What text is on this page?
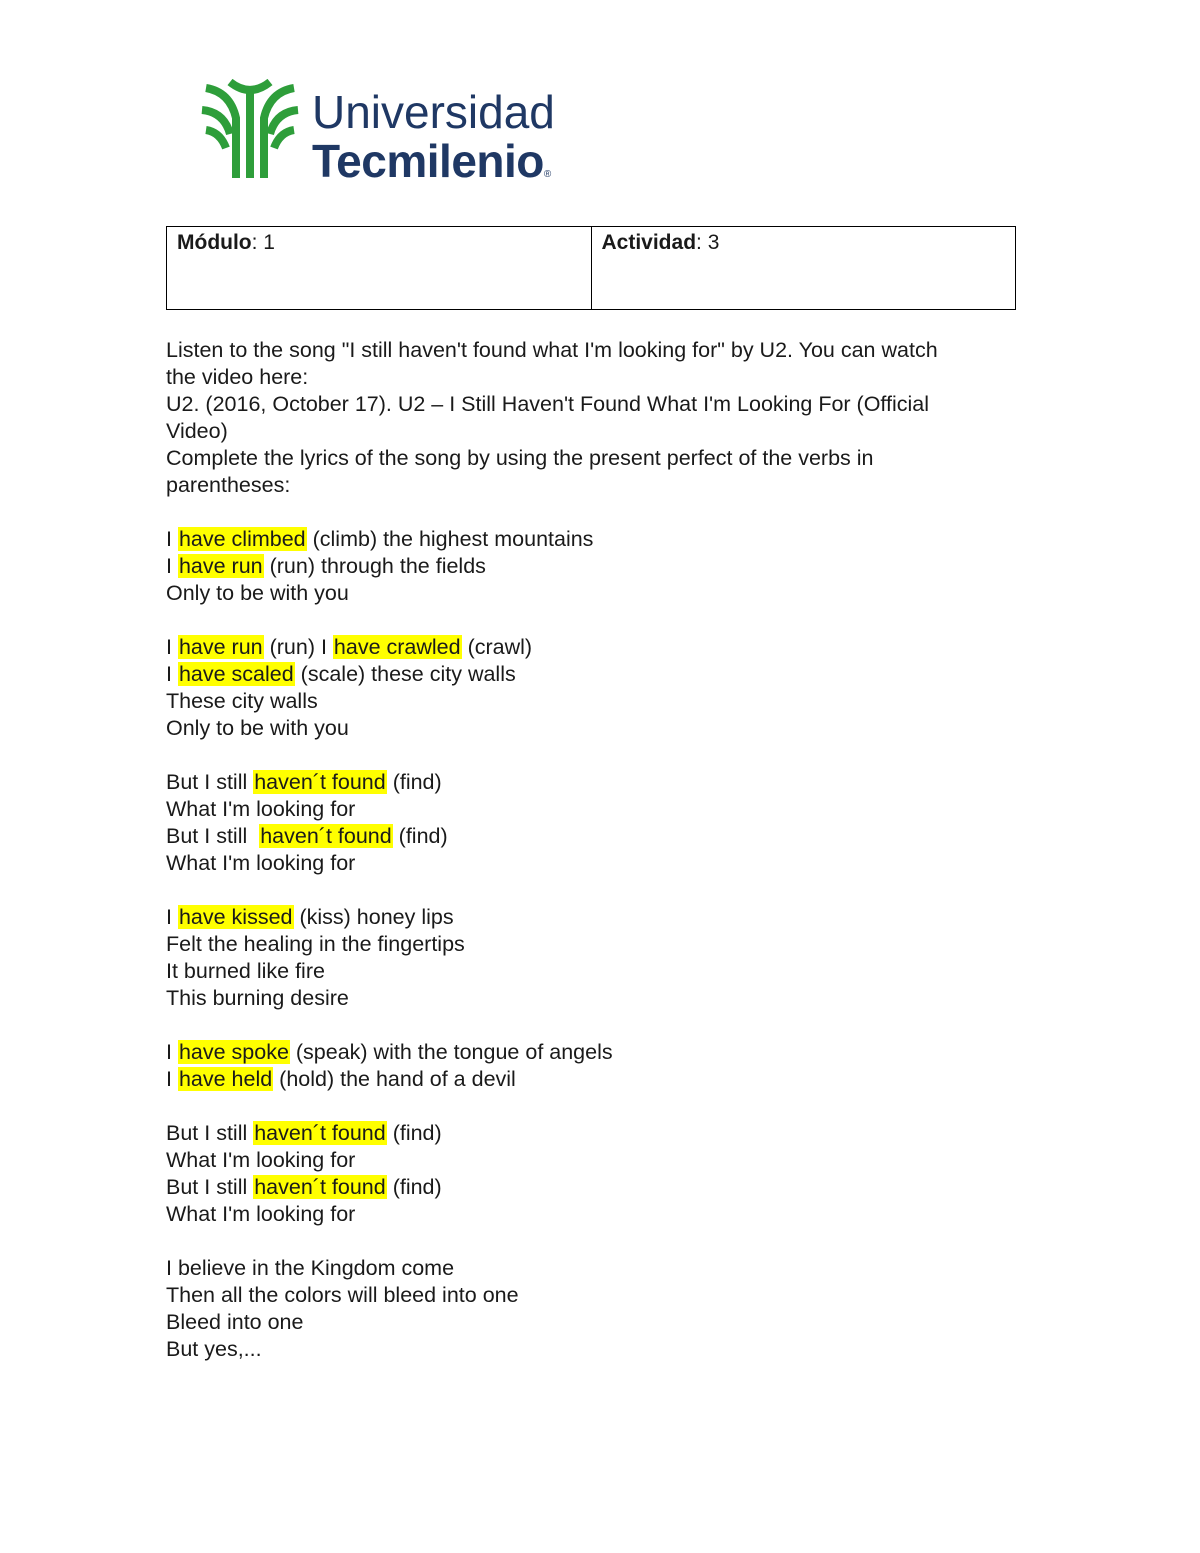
Universidad
Tecmilenio®
Módulo: 1	Actividad: 3

Listen to the song "I still haven't found what I'm looking for" by U2. You can watch

the video here:

U2. (2016, October 17). U2 – I Still Haven't Found What I'm Looking For (Official

Video)

Complete the lyrics of the song by using the present perfect of the verbs in

parentheses:

I have climbed (climb) the highest mountains

I have run (run) through the fields

Only to be with you

I have run (run) I have crawled (crawl)

I have scaled (scale) these city walls

These city walls

Only to be with you

But I still haven´t found (find)

What I'm looking for

But I still  haven´t found (find)

What I'm looking for

I have kissed (kiss) honey lips

Felt the healing in the fingertips

It burned like fire

This burning desire

I have spoke (speak) with the tongue of angels

I have held (hold) the hand of a devil

But I still haven´t found (find)

What I'm looking for

But I still haven´t found (find)

What I'm looking for

I believe in the Kingdom come

Then all the colors will bleed into one

Bleed into one

But yes,...
